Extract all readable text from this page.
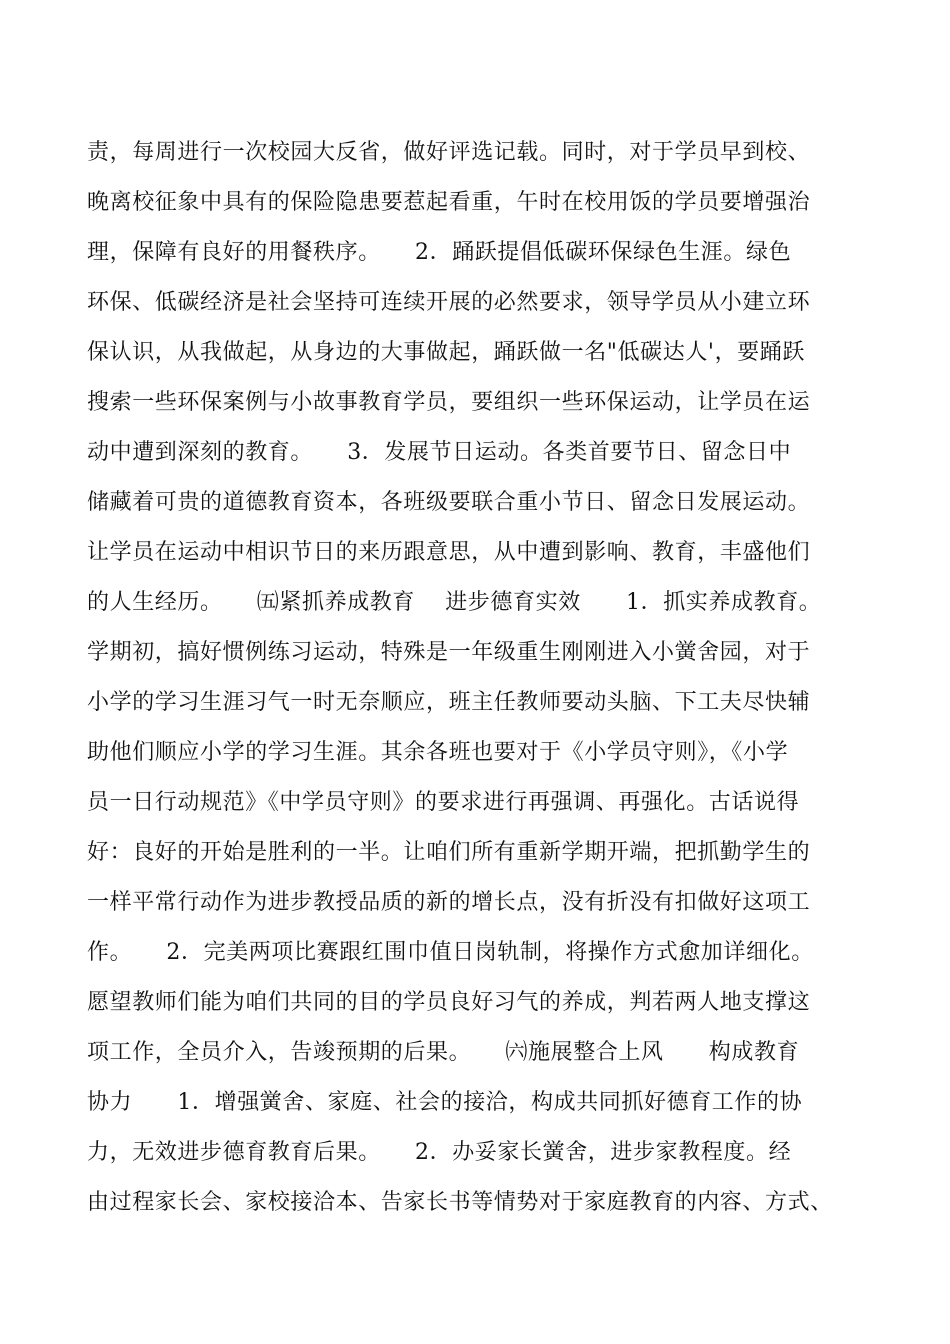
责，每周进行一次校园大反省，做好评选记载。同时，对于学员早到校、
晚离校征象中具有的保险隐患要惹起看重，午时在校用饭的学员要增强治
理，保障有良好的用餐秩序。　　2．踊跃提倡低碳环保绿色生涯。绿色
环保、低碳经济是社会坚持可连续开展的必然要求，领导学员从小建立环
保认识，从我做起，从身边的大事做起，踊跃做一名"低碳达人'，要踊跃
搜索一些环保案例与小故事教育学员，要组织一些环保运动，让学员在运
动中遭到深刻的教育。　　3．发展节日运动。各类首要节日、留念日中
储藏着可贵的道德教育资本，各班级要联合重小节日、留念日发展运动。
让学员在运动中相识节日的来历跟意思，从中遭到影响、教育，丰盛他们
的人生经历。　　㈤紧抓养成教育　 进步德育实效　　1．抓实养成教育。
学期初，搞好惯例练习运动，特殊是一年级重生刚刚进入小黉舍园，对于
小学的学习生涯习气一时无奈顺应，班主任教师要动头脑、下工夫尽快辅
助他们顺应小学的学习生涯。其余各班也要对于《小学员守则》，《小学
员一日行动规范》《中学员守则》的要求进行再强调、再强化。古话说得
好：良好的开始是胜利的一半。让咱们所有重新学期开端，把抓勤学生的
一样平常行动作为进步教授品质的新的增长点，没有折没有扣做好这项工
作。　　2．完美两项比赛跟红围巾值日岗轨制，将操作方式愈加详细化。
愿望教师们能为咱们共同的目的学员良好习气的养成，判若两人地支撑这
项工作，全员介入，告竣预期的后果。　　㈥施展整合上风　　构成教育
协力　　1．增强黉舍、家庭、社会的接洽，构成共同抓好德育工作的协
力，无效进步德育教育后果。　　2．办妥家长黉舍，进步家教程度。经
由过程家长会、家校接洽本、告家长书等情势对于家庭教育的内容、方式、
